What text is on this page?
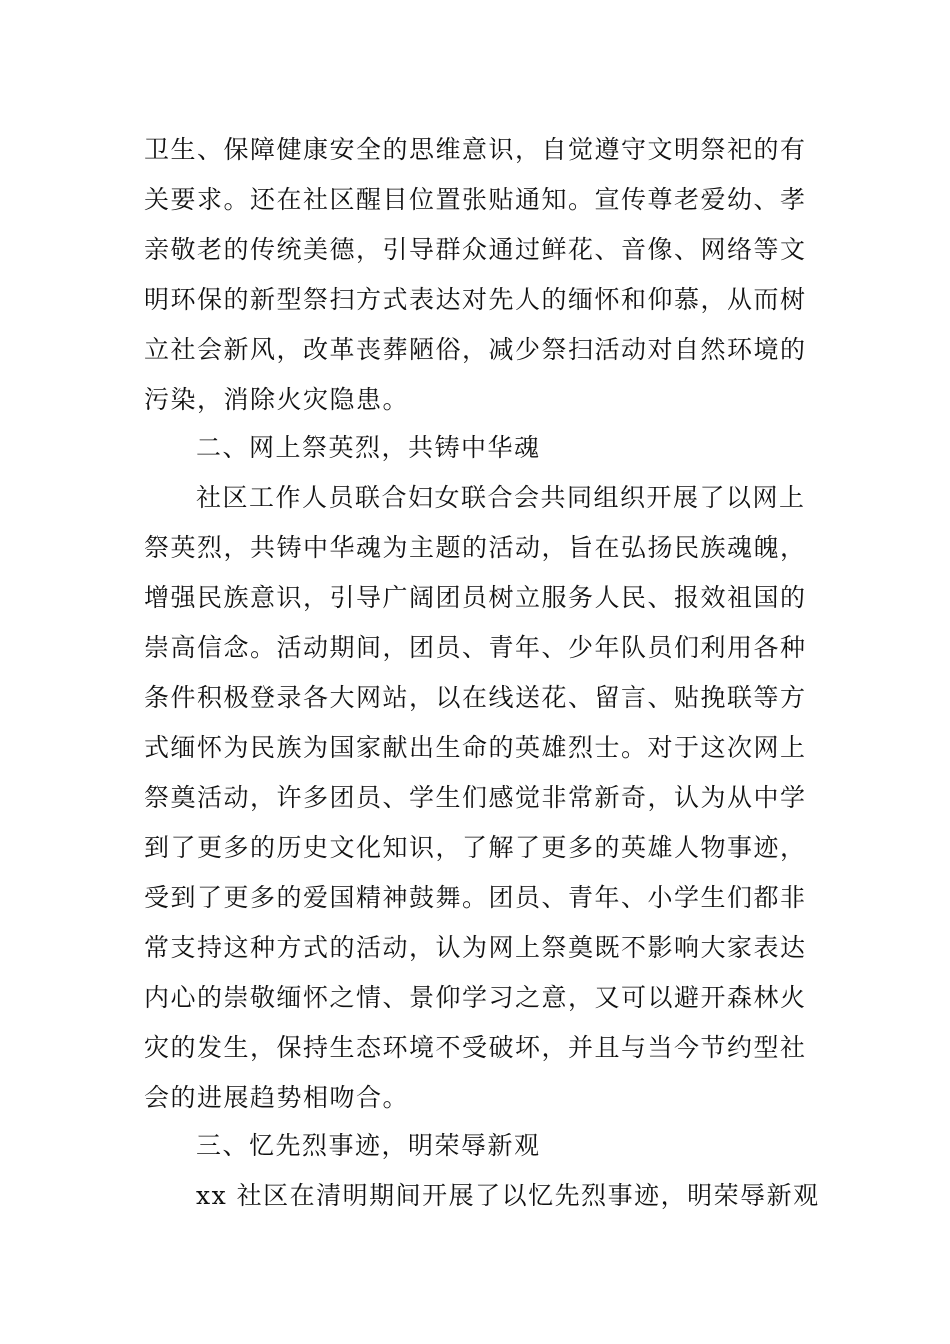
卫生、保障健康安全的思维意识，自觉遵守文明祭祀的有
关要求。还在社区醒目位置张贴通知。宣传尊老爱幼、孝
亲敬老的传统美德，引导群众通过鲜花、音像、网络等文
明环保的新型祭扫方式表达对先人的缅怀和仰慕，从而树
立社会新风，改革丧葬陋俗，减少祭扫活动对自然环境的
污染，消除火灾隐患。
二、网上祭英烈，共铸中华魂
社区工作人员联合妇女联合会共同组织开展了以网上
祭英烈，共铸中华魂为主题的活动，旨在弘扬民族魂魄，
增强民族意识，引导广阔团员树立服务人民、报效祖国的
崇高信念。活动期间，团员、青年、少年队员们利用各种
条件积极登录各大网站，以在线送花、留言、贴挽联等方
式缅怀为民族为国家献出生命的英雄烈士。对于这次网上
祭奠活动，许多团员、学生们感觉非常新奇，认为从中学
到了更多的历史文化知识，了解了更多的英雄人物事迹，
受到了更多的爱国精神鼓舞。团员、青年、小学生们都非
常支持这种方式的活动，认为网上祭奠既不影响大家表达
内心的崇敬缅怀之情、景仰学习之意，又可以避开森林火
灾的发生，保持生态环境不受破坏，并且与当今节约型社
会的进展趋势相吻合。
三、忆先烈事迹，明荣辱新观
xx 社区在清明期间开展了以忆先烈事迹，明荣辱新观
